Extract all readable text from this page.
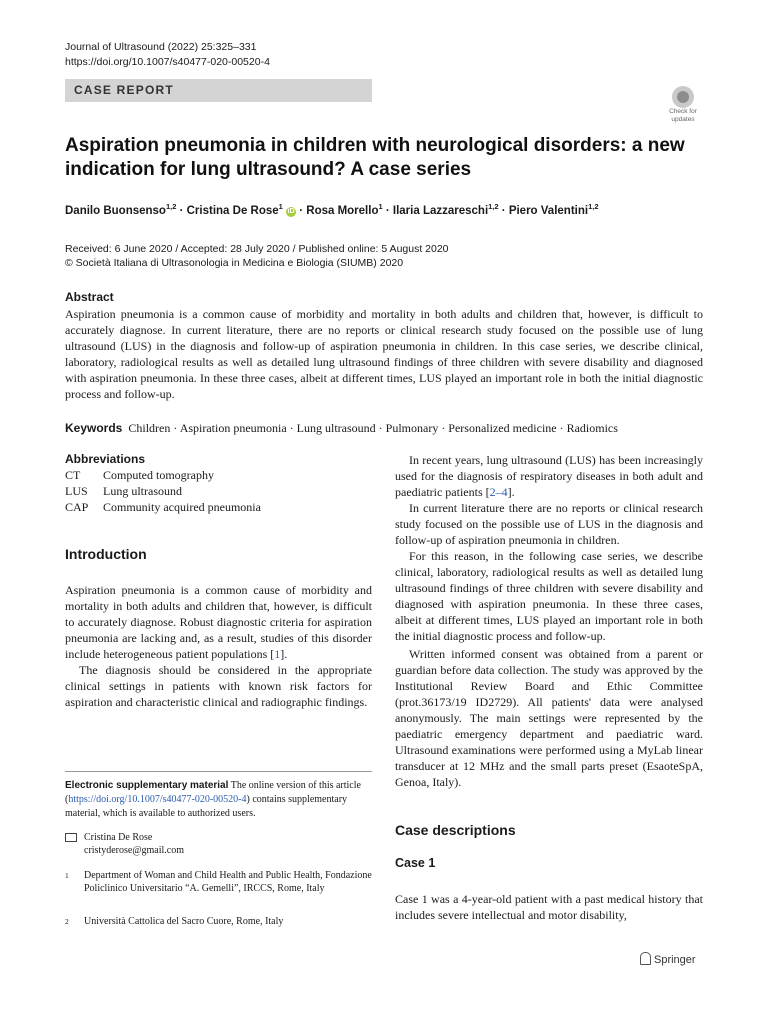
Journal of Ultrasound (2022) 25:325–331
https://doi.org/10.1007/s40477-020-00520-4
CASE REPORT
Check for
updates
Aspiration pneumonia in children with neurological disorders: a new indication for lung ultrasound? A case series
Danilo Buonsenso$^{1,2}$ · Cristina De Rose$^1$ iD · Rosa Morello$^1$ · Ilaria Lazzareschi$^{1,2}$ · Piero Valentini$^{1,2}$
Received: 6 June 2020 / Accepted: 28 July 2020 / Published online: 5 August 2020
© Società Italiana di Ultrasonologia in Medicina e Biologia (SIUMB) 2020
Abstract
Aspiration pneumonia is a common cause of morbidity and mortality in both adults and children that, however, is difficult to accurately diagnose. In current literature, there are no reports or clinical research study focused on the possible use of lung ultrasound (LUS) in the diagnosis and follow-up of aspiration pneumonia in children. In this case series, we describe clinical, laboratory, radiological results as well as detailed lung ultrasound findings of three children with severe disability and diagnosed with aspiration pneumonia. In these three cases, albeit at different times, LUS played an important role in both the initial diagnostic process and follow-up.
Keywords Children · Aspiration pneumonia · Lung ultrasound · Pulmonary · Personalized medicine · Radiomics
Abbreviations
CT Computed tomography
LUS Lung ultrasound
CAP Community acquired pneumonia
Introduction
Aspiration pneumonia is a common cause of morbidity and mortality in both adults and children that, however, is difficult to accurately diagnose. Robust diagnostic criteria for aspiration pneumonia are lacking and, as a result, studies of this disorder include heterogeneous patient populations [1].
The diagnosis should be considered in the appropriate clinical settings in patients with known risk factors for aspiration and characteristic clinical and radiographic findings.
Electronic supplementary material The online version of this article (https://doi.org/10.1007/s40477-020-00520-4) contains supplementary material, which is available to authorized users.
Cristina De Rose
cristyderose@gmail.com
1 Department of Woman and Child Health and Public Health, Fondazione Policlinico Universitario “A. Gemelli”, IRCCS, Rome, Italy
2 Università Cattolica del Sacro Cuore, Rome, Italy
In recent years, lung ultrasound (LUS) has been increasingly used for the diagnosis of respiratory diseases in both adult and paediatric patients [2–4].
In current literature there are no reports or clinical research study focused on the possible use of LUS in the diagnosis and follow-up of aspiration pneumonia in children.
For this reason, in the following case series, we describe clinical, laboratory, radiological results as well as detailed lung ultrasound findings of three children with severe disability and diagnosed with aspiration pneumonia. In these three cases, albeit at different times, LUS played an important role in both the initial diagnostic process and follow-up.
Written informed consent was obtained from a parent or guardian before data collection. The study was approved by the Institutional Review Board and Ethic Committee (prot.36173/19 ID2729). All patients' data were analysed anonymously. The main settings were represented by the paediatric emergency department and paediatric ward. Ultrasound examinations were performed using a MyLab linear transducer at 12 MHz and the small parts preset (EsaoteSpA, Genoa, Italy).
Case descriptions
Case 1
Case 1 was a 4-year-old patient with a past medical history that includes severe intellectual and motor disability,
Springer
